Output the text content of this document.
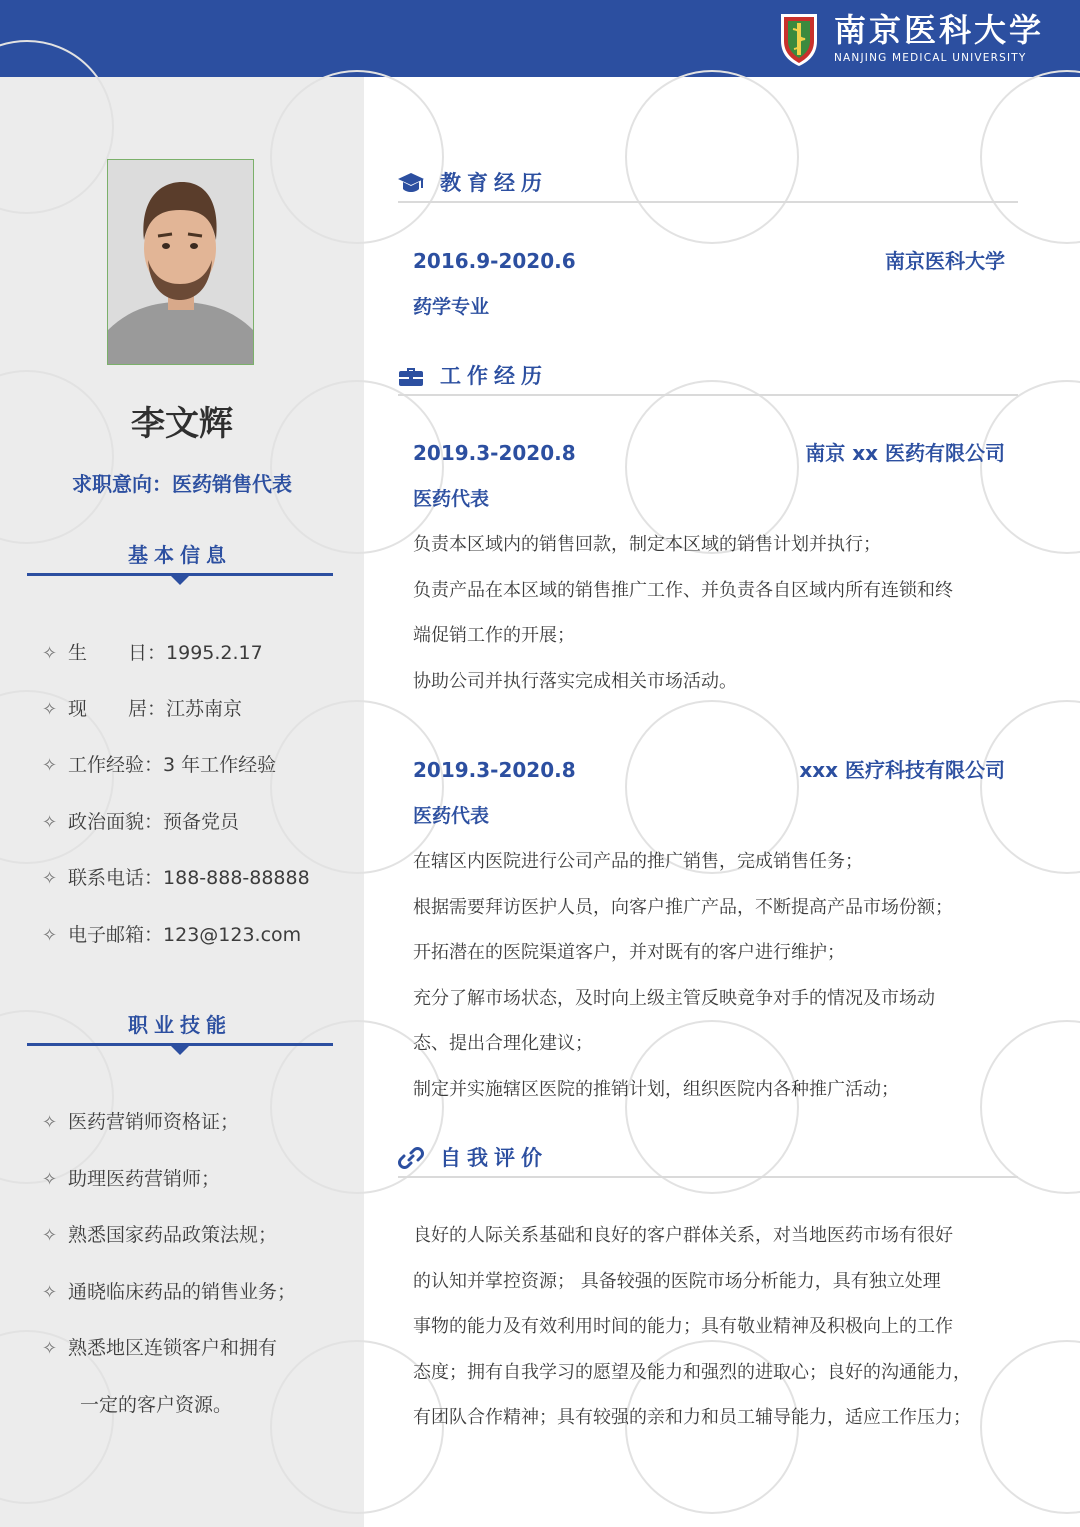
南京医科大学
NANJING MEDICAL UNIVERSITY
李文辉
求职意向：医药销售代表
基本信息
✧ 生 日：1995.2.17
✧ 现 居：江苏南京
✧ 工作经验：3 年工作经验
✧ 政治面貌：预备党员
✧ 联系电话：188-888-88888
✧ 电子邮箱：123@123.com
职业技能
✧ 医药营销师资格证；
✧ 助理医药营销师；
✧ 熟悉国家药品政策法规；
✧ 通晓临床药品的销售业务；
✧ 熟悉地区连锁客户和拥有
一定的客户资源。
教育经历
2016.9-2020.6	南京医科大学
药学专业
工作经历
2019.3-2020.8	南京 xx 医药有限公司
医药代表
负责本区域内的销售回款，制定本区域的销售计划并执行；
负责产品在本区域的销售推广工作、并负责各自区域内所有连锁和终
端促销工作的开展；
协助公司并执行落实完成相关市场活动。
2019.3-2020.8	xxx 医疗科技有限公司
医药代表
在辖区内医院进行公司产品的推广销售，完成销售任务；
根据需要拜访医护人员，向客户推广产品，不断提高产品市场份额；
开拓潜在的医院渠道客户，并对既有的客户进行维护；
充分了解市场状态，及时向上级主管反映竟争对手的情况及市场动
态、提出合理化建议；
制定并实施辖区医院的推销计划，组织医院内各种推广活动；
自我评价
良好的人际关系基础和良好的客户群体关系，对当地医药市场有很好
的认知并掌控资源； 具备较强的医院市场分析能力，具有独立处理
事物的能力及有效利用时间的能力；具有敬业精神及积极向上的工作
态度；拥有自我学习的愿望及能力和强烈的进取心；良好的沟通能力，
有团队合作精神；具有较强的亲和力和员工辅导能力，适应工作压力；
